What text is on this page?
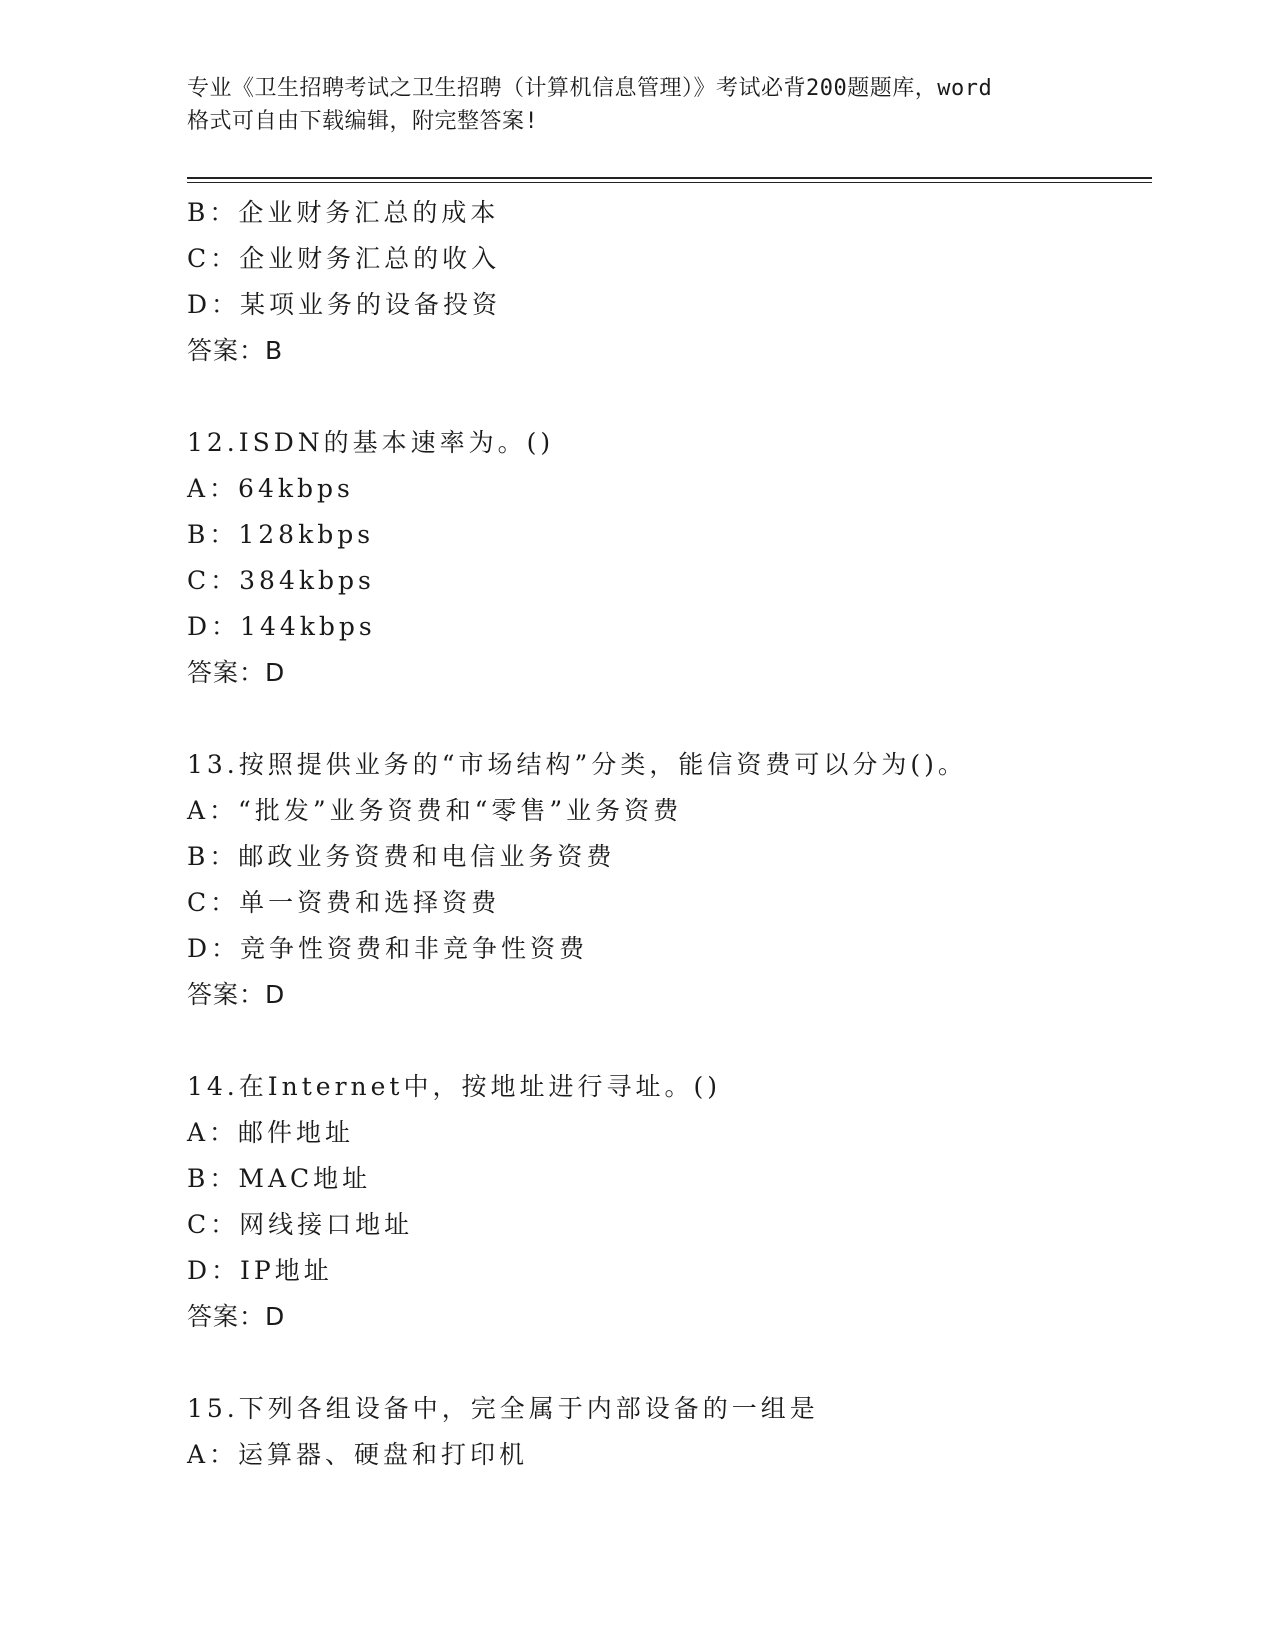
专业《卫生招聘考试之卫生招聘（计算机信息管理）》考试必背200题题库，word
格式可自由下载编辑，附完整答案!
B：企业财务汇总的成本
C：企业财务汇总的收入
D：某项业务的设备投资
答案：B
12.ISDN的基本速率为。()
A：64kbps
B：128kbps
C：384kbps
D：144kbps
答案：D
13.按照提供业务的“市场结构”分类，能信资费可以分为()。
A：“批发”业务资费和“零售”业务资费
B：邮政业务资费和电信业务资费
C：单一资费和选择资费
D：竞争性资费和非竞争性资费
答案：D
14.在Internet中，按地址进行寻址。()
A：邮件地址
B：MAC地址
C：网线接口地址
D：IP地址
答案：D
15.下列各组设备中，完全属于内部设备的一组是
A：运算器、硬盘和打印机
